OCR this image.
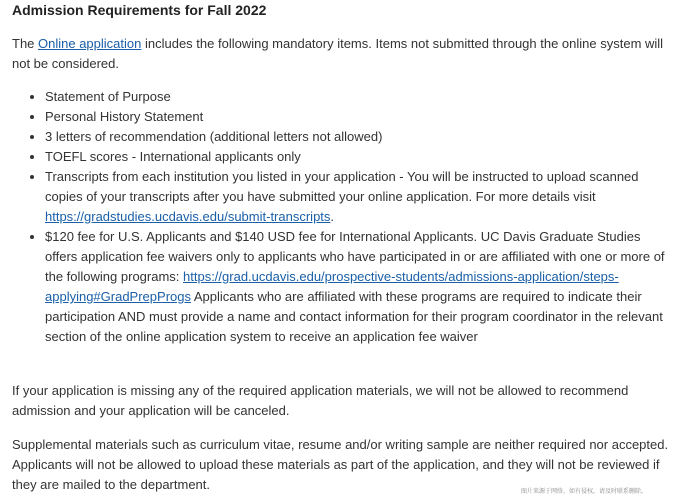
Admission Requirements for Fall 2022

The Online application includes the following mandatory items. Items not submitted through the online system will not be considered.

• Statement of Purpose
• Personal History Statement
• 3 letters of recommendation (additional letters not allowed)
• TOEFL scores - International applicants only
• Transcripts from each institution you listed in your application - You will be instructed to upload scanned copies of your transcripts after you have submitted your online application. For more details visit https://gradstudies.ucdavis.edu/submit-transcripts.
• $120 fee for U.S. Applicants and $140 USD fee for International Applicants. UC Davis Graduate Studies offers application fee waivers only to applicants who have participated in or are affiliated with one or more of the following programs: https://grad.ucdavis.edu/prospective-students/admissions-application/steps-applying#GradPrepProgs Applicants who are affiliated with these programs are required to indicate their participation AND must provide a name and contact information for their program coordinator in the relevant section of the online application system to receive an application fee waiver

If your application is missing any of the required application materials, we will not be allowed to recommend admission and your application will be canceled.

Supplemental materials such as curriculum vitae, resume and/or writing sample are neither required nor accepted. Applicants will not be allowed to upload these materials as part of the application, and they will not be reviewed if they are mailed to the department.	图片来源于网络，如有侵权，请及时联系删除。
